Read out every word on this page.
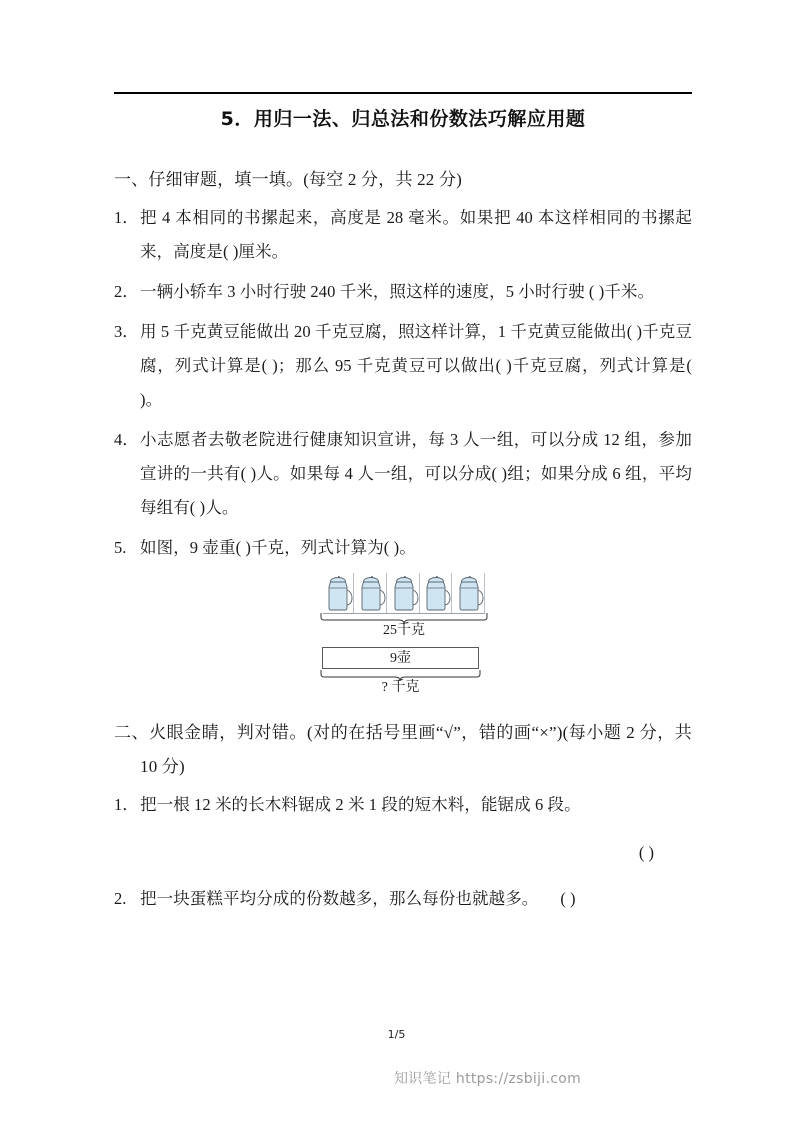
5．用归一法、归总法和份数法巧解应用题
一、仔细审题，填一填。(每空 2 分，共 22 分)
1． 把 4 本相同的书摞起来，高度是 28 毫米。如果把 40 本这样相同的书摞起来，高度是( )厘米。
2． 一辆小轿车 3 小时行驶 240 千米，照这样的速度，5 小时行驶 ( )千米。
3． 用 5 千克黄豆能做出 20 千克豆腐，照这样计算，1 千克黄豆能做出( )千克豆腐，列式计算是( )；那么 95 千克黄豆可以做出( )千克豆腐，列式计算是( )。
4． 小志愿者去敬老院进行健康知识宣讲，每 3 人一组，可以分成 12 组，参加宣讲的一共有( )人。如果每 4 人一组，可以分成( )组；如果分成 6 组，平均每组有( )人。
5. 如图，9 壶重( )千克，列式计算为( )。
25千克
9壶
? 千克
二、火眼金睛，判对错。(对的在括号里画“√”，错的画“×”)(每小题 2 分，共 10 分)
1． 把一根 12 米的长木料锯成 2 米 1 段的短木料，能锯成 6 段。
( )
2. 把一块蛋糕平均分成的份数越多，那么每份也就越多。 ( )
1/5
知识笔记 https://zsbiji.com
